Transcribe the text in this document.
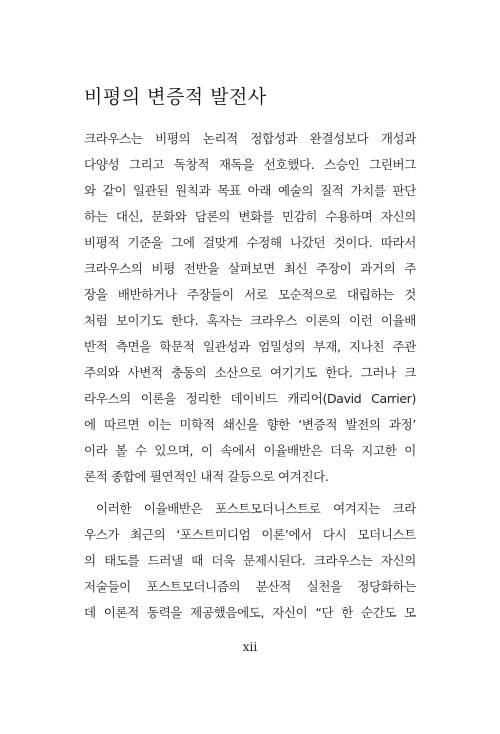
비평의 변증적 발전사
크라우스는 비평의 논리적 정합성과 완결성보다 개성과
다양성 그리고 독창적 재독을 선호했다. 스승인 그린버그
와 같이 일관된 원칙과 목표 아래 예술의 질적 가치를 판단
하는 대신, 문화와 담론의 변화를 민감히 수용하며 자신의
비평적 기준을 그에 걸맞게 수정해 나갔던 것이다. 따라서
크라우스의 비평 전반을 살펴보면 최신 주장이 과거의 주
장을 배반하거나 주장들이 서로 모순적으로 대립하는 것
처럼 보이기도 한다. 혹자는 크라우스 이론의 이런 이율배
반적 측면을 학문적 일관성과 엄밀성의 부재, 지나친 주관
주의와 사변적 충동의 소산으로 여기기도 한다. 그러나 크
라우스의 이론을 정리한 데이비드 캐리어(David Carrier)
에 따르면 이는 미학적 쇄신을 향한 ‘변증적 발전의 과정’
이라 볼 수 있으며, 이 속에서 이율배반은 더욱 지고한 이
론적 종합에 필연적인 내적 갈등으로 여겨진다.
이러한 이율배반은 포스트모더니스트로 여겨지는 크라
우스가 최근의 ‘포스트미디엄 이론’에서 다시 모더니스트
의 태도를 드러낼 때 더욱 문제시된다. 크라우스는 자신의
저술들이 포스트모더니즘의 분산적 실천을 정당화하는
데 이론적 동력을 제공했음에도, 자신이 “단 한 순간도 모
xii
